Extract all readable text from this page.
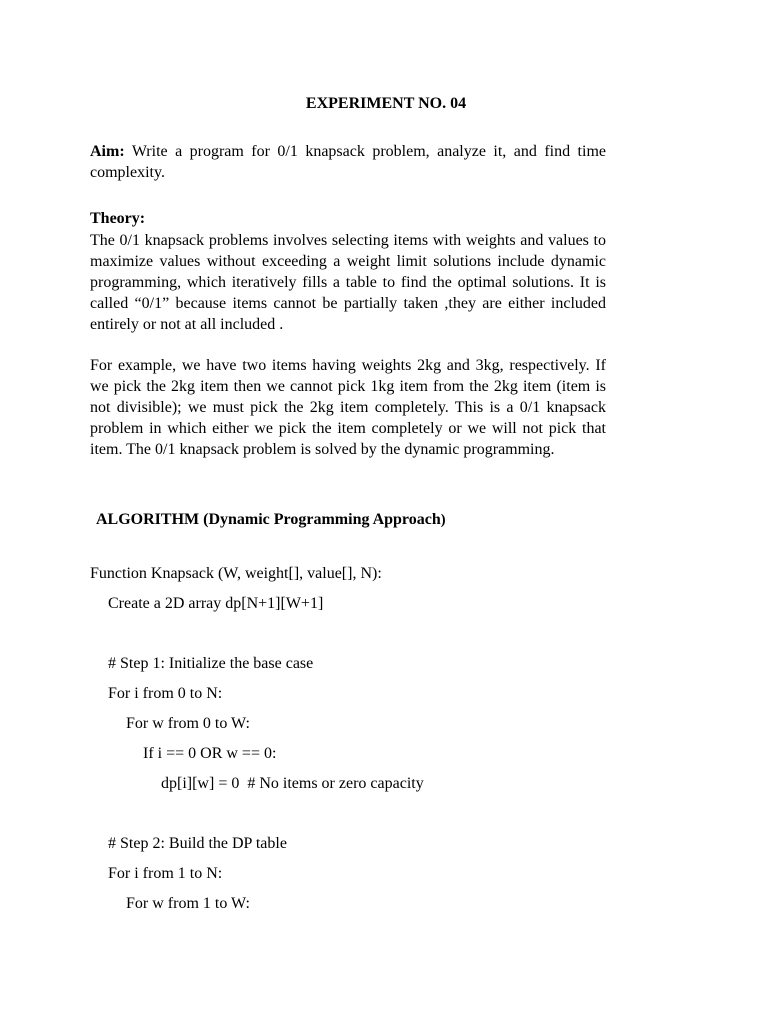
EXPERIMENT NO. 04
Aim: Write a program for 0/1 knapsack problem, analyze it, and find time complexity.
Theory:
The 0/1 knapsack problems involves selecting items with weights and values to maximize values without exceeding a weight limit solutions include dynamic programming, which iteratively fills a table to find the optimal solutions. It is called “0/1” because items cannot be partially taken ,they are either included entirely or not at all included .
For example, we have two items having weights 2kg and 3kg, respectively. If we pick the 2kg item then we cannot pick 1kg item from the 2kg item (item is not divisible); we must pick the 2kg item completely. This is a 0/1 knapsack problem in which either we pick the item completely or we will not pick that item. The 0/1 knapsack problem is solved by the dynamic programming.
ALGORITHM (Dynamic Programming Approach)
Function Knapsack (W, weight[], value[], N):
Create a 2D array dp[N+1][W+1]
# Step 1: Initialize the base case
For i from 0 to N:
For w from 0 to W:
If i == 0 OR w == 0:
dp[i][w] = 0  # No items or zero capacity
# Step 2: Build the DP table
For i from 1 to N:
For w from 1 to W:
